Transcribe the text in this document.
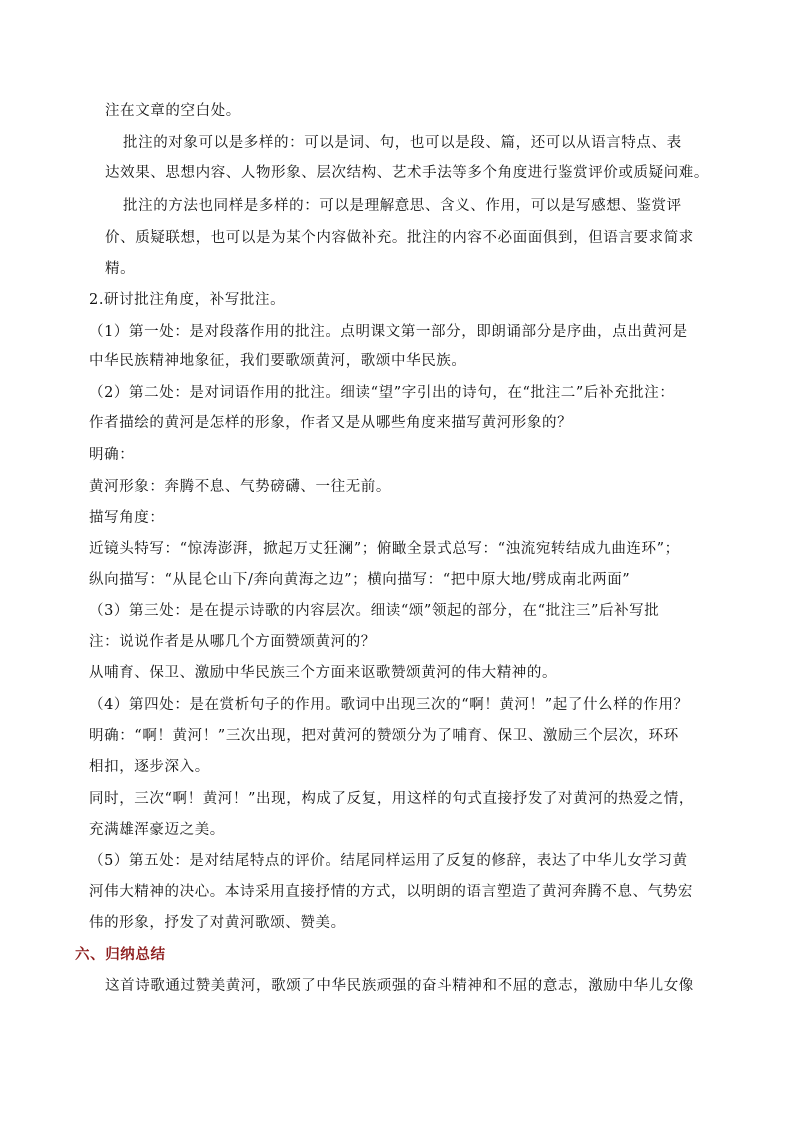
注在文章的空白处。
批注的对象可以是多样的：可以是词、句，也可以是段、篇，还可以从语言特点、表
达效果、思想内容、人物形象、层次结构、艺术手法等多个角度进行鉴赏评价或质疑问难。
批注的方法也同样是多样的：可以是理解意思、含义、作用，可以是写感想、鉴赏评
价、质疑联想，也可以是为某个内容做补充。批注的内容不必面面俱到，但语言要求简求
精。
2.研讨批注角度，补写批注。
（1）第一处：是对段落作用的批注。点明课文第一部分，即朗诵部分是序曲，点出黄河是
中华民族精神地象征，我们要歌颂黄河，歌颂中华民族。
（2）第二处：是对词语作用的批注。细读“望”字引出的诗句，在“批注二”后补充批注：
作者描绘的黄河是怎样的形象，作者又是从哪些角度来描写黄河形象的？
明确：
黄河形象：奔腾不息、气势磅礴、一往无前。
描写角度：
近镜头特写：“惊涛澎湃，掀起万丈狂澜”；俯瞰全景式总写：“浊流宛转结成九曲连环”；
纵向描写：“从昆仑山下/奔向黄海之边”；横向描写：“把中原大地/劈成南北两面”
（3）第三处：是在提示诗歌的内容层次。细读“颂”领起的部分，在“批注三”后补写批
注：说说作者是从哪几个方面赞颂黄河的？
从哺育、保卫、激励中华民族三个方面来讴歌赞颂黄河的伟大精神的。
（4）第四处：是在赏析句子的作用。歌词中出现三次的“啊！黄河！”起了什么样的作用？
明确：“啊！黄河！”三次出现，把对黄河的赞颂分为了哺育、保卫、激励三个层次，环环
相扣，逐步深入。
同时，三次“啊！黄河！”出现，构成了反复，用这样的句式直接抒发了对黄河的热爱之情，
充满雄浑豪迈之美。
（5）第五处：是对结尾特点的评价。结尾同样运用了反复的修辞，表达了中华儿女学习黄
河伟大精神的决心。本诗采用直接抒情的方式，以明朗的语言塑造了黄河奔腾不息、气势宏
伟的形象，抒发了对黄河歌颂、赞美。
六、归纳总结
这首诗歌通过赞美黄河，歌颂了中华民族顽强的奋斗精神和不屈的意志，激励中华儿女像
